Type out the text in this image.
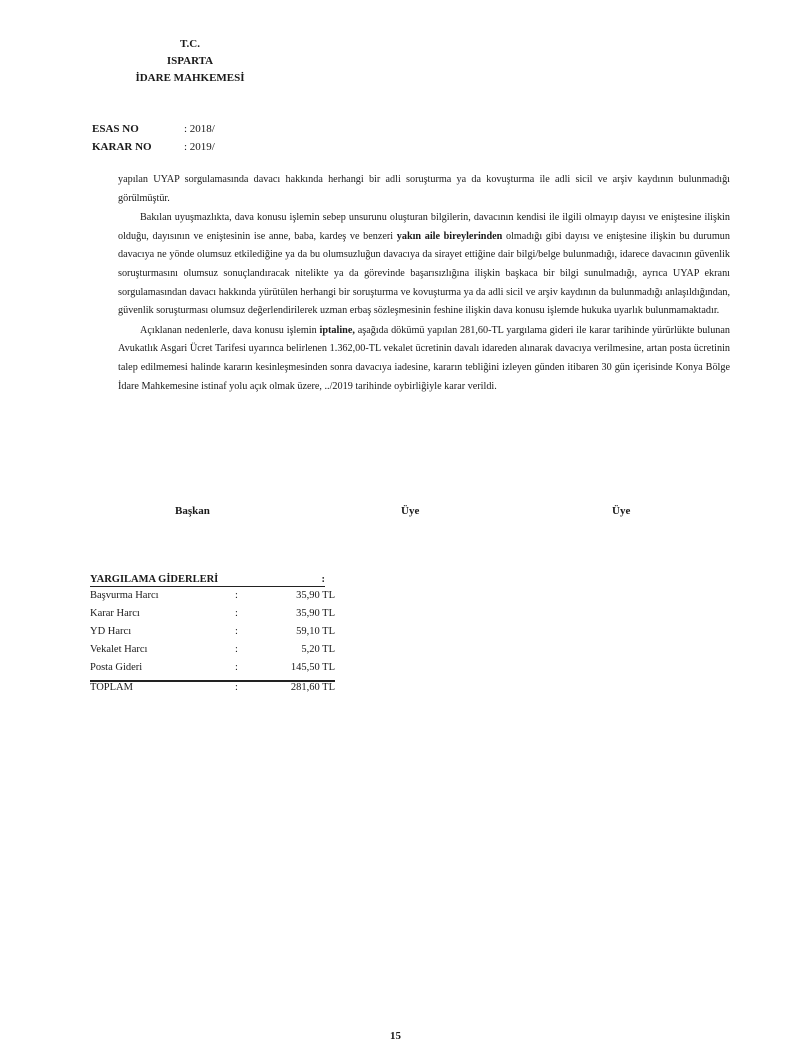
T.C.
ISPARTA
İDARE MAHKEMESİ
ESAS NO	: 2018/
KARAR NO	: 2019/

yapılan UYAP sorgulamasında davacı hakkında herhangi bir adli soruşturma ya da kovuşturma ile adli sicil ve arşiv kaydının bulunmadığı görülmüştür.

Bakılan uyuşmazlıkta, dava konusu işlemin sebep unsurunu oluşturan bilgilerin, davacının kendisi ile ilgili olmayıp dayısı ve eniştesine ilişkin olduğu, dayısının ve eniştesinin ise anne, baba, kardeş ve benzeri yakın aile bireylerinden olmadığı gibi dayısı ve eniştesine ilişkin bu durumun davacıya ne yönde olumsuz etkilediğine ya da bu olumsuzluğun davacıya da sirayet ettiğine dair bilgi/belge bulunmadığı, idarece davacının güvenlik soruşturmasını olumsuz sonuçlandıracak nitelikte ya da görevinde başarısızlığına ilişkin başkaca bir bilgi sunulmadığı, ayrıca UYAP ekranı sorgulamasından davacı hakkında yürütülen herhangi bir soruşturma ve kovuşturma ya da adli sicil ve arşiv kaydının da bulunmadığı anlaşıldığından, güvenlik soruşturması olumsuz değerlendirilerek uzman erbaş sözleşmesinin feshine ilişkin dava konusu işlemde hukuka uyarlık bulunmamaktadır.

Açıklanan nedenlerle, dava konusu işlemin iptaline, aşağıda dökümü yapılan 281,60-TL yargılama gideri ile karar tarihinde yürürlükte bulunan Avukatlık Asgari Ücret Tarifesi uyarınca belirlenen 1.362,00-TL vekalet ücretinin davalı idareden alınarak davacıya verilmesine, artan posta ücretinin talep edilmemesi halinde kararın kesinleşmesinden sonra davacıya iadesine, kararın tebliğini izleyen günden itibaren 30 gün içerisinde Konya Bölge İdare Mahkemesine istinaf yolu açık olmak üzere, ../2019 tarihinde oybirliğiyle karar verildi.

Başkan	Üye	Üye
YARGILAMA GİDERLERİ	:
Başvurma Harcı	:	35,90 TL
Karar Harcı	:	35,90 TL
YD Harcı	:	59,10 TL
Vekalet Harcı	:	5,20 TL
Posta Gideri	:	145,50 TL
TOPLAM	:	281,60 TL
15
